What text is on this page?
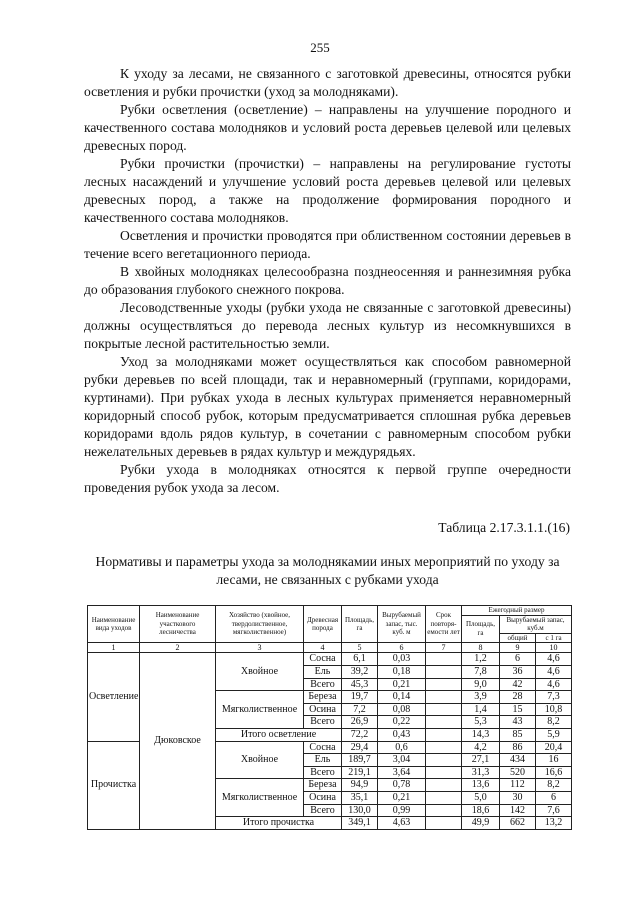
255

К уходу за лесами, не связанного с заготовкой древесины, относятся рубки осветления и рубки прочистки (уход за молодняками).

Рубки осветления (осветление) – направлены на улучшение породного и качественного состава молодняков и условий роста деревьев целевой или целевых древесных пород.

Рубки прочистки (прочистки) – направлены на регулирование густоты лесных насаждений и улучшение условий роста деревьев целевой или целевых древесных пород, а также на продолжение формирования породного и качественного состава молодняков.

Осветления и прочистки проводятся при облиственном состоянии деревьев в течение всего вегетационного периода.

В хвойных молодняках целесообразна позднеосенняя и раннезимняя рубка до образования глубокого снежного покрова.

Лесоводственные уходы (рубки ухода не связанные с заготовкой древесины) должны осуществляться до перевода лесных культур из несомкнувшихся в покрытые лесной растительностью земли.

Уход за молодняками может осуществляться как способом равномерной рубки деревьев по всей площади, так и неравномерный (группами, коридорами, куртинами). При рубках ухода в лесных культурах применяется неравномерный коридорный способ рубок, которым предусматривается сплошная рубка деревьев коридорами вдоль рядов культур, в сочетании с равномерным способом рубки нежелательных деревьев в рядах культур и междурядьях.

Рубки ухода в молодняках относятся к первой группе очередности проведения рубок ухода за лесом.

Таблица 2.17.3.1.1.(16)
Нормативы и параметры ухода за молоднякамии иных мероприятий по уходу за лесами, не связанных с рубками ухода
Наименование вида уходов	Наименование участкового лесничества	Хозяйство (хвойное, твердолиственное, мягколиственное)	Древесная порода	Площадь, га	Вырубаемый запас, тыс. куб. м	Срок повторя-емости лет	Ежегодный размер		
							Площадь, га	Вырубаемый запас, куб.м	
								общий	с 1 га
1	2	3	4	5	6	7	8	9	10
Осветление	Дюковское	Хвойное	Сосна	6,1	0,03		1,2	6	4,6
			Ель	39,2	0,18		7,8	36	4,6
			Всего	45,3	0,21		9,0	42	4,6
		Мягколиственное	Береза	19,7	0,14		3,9	28	7,3
			Осина	7,2	0,08		1,4	15	10,8
			Всего	26,9	0,22		5,3	43	8,2
		Итого осветление		72,2	0,43		14,3	85	5,9
Прочистка		Хвойное	Сосна	29,4	0,6		4,2	86	20,4
			Ель	189,7	3,04		27,1	434	16
			Всего	219,1	3,64		31,3	520	16,6
		Мягколиственное	Береза	94,9	0,78		13,6	112	8,2
			Осина	35,1	0,21		5,0	30	6
			Всего	130,0	0,99		18,6	142	7,6
		Итого прочистка		349,1	4,63		49,9	662	13,2
